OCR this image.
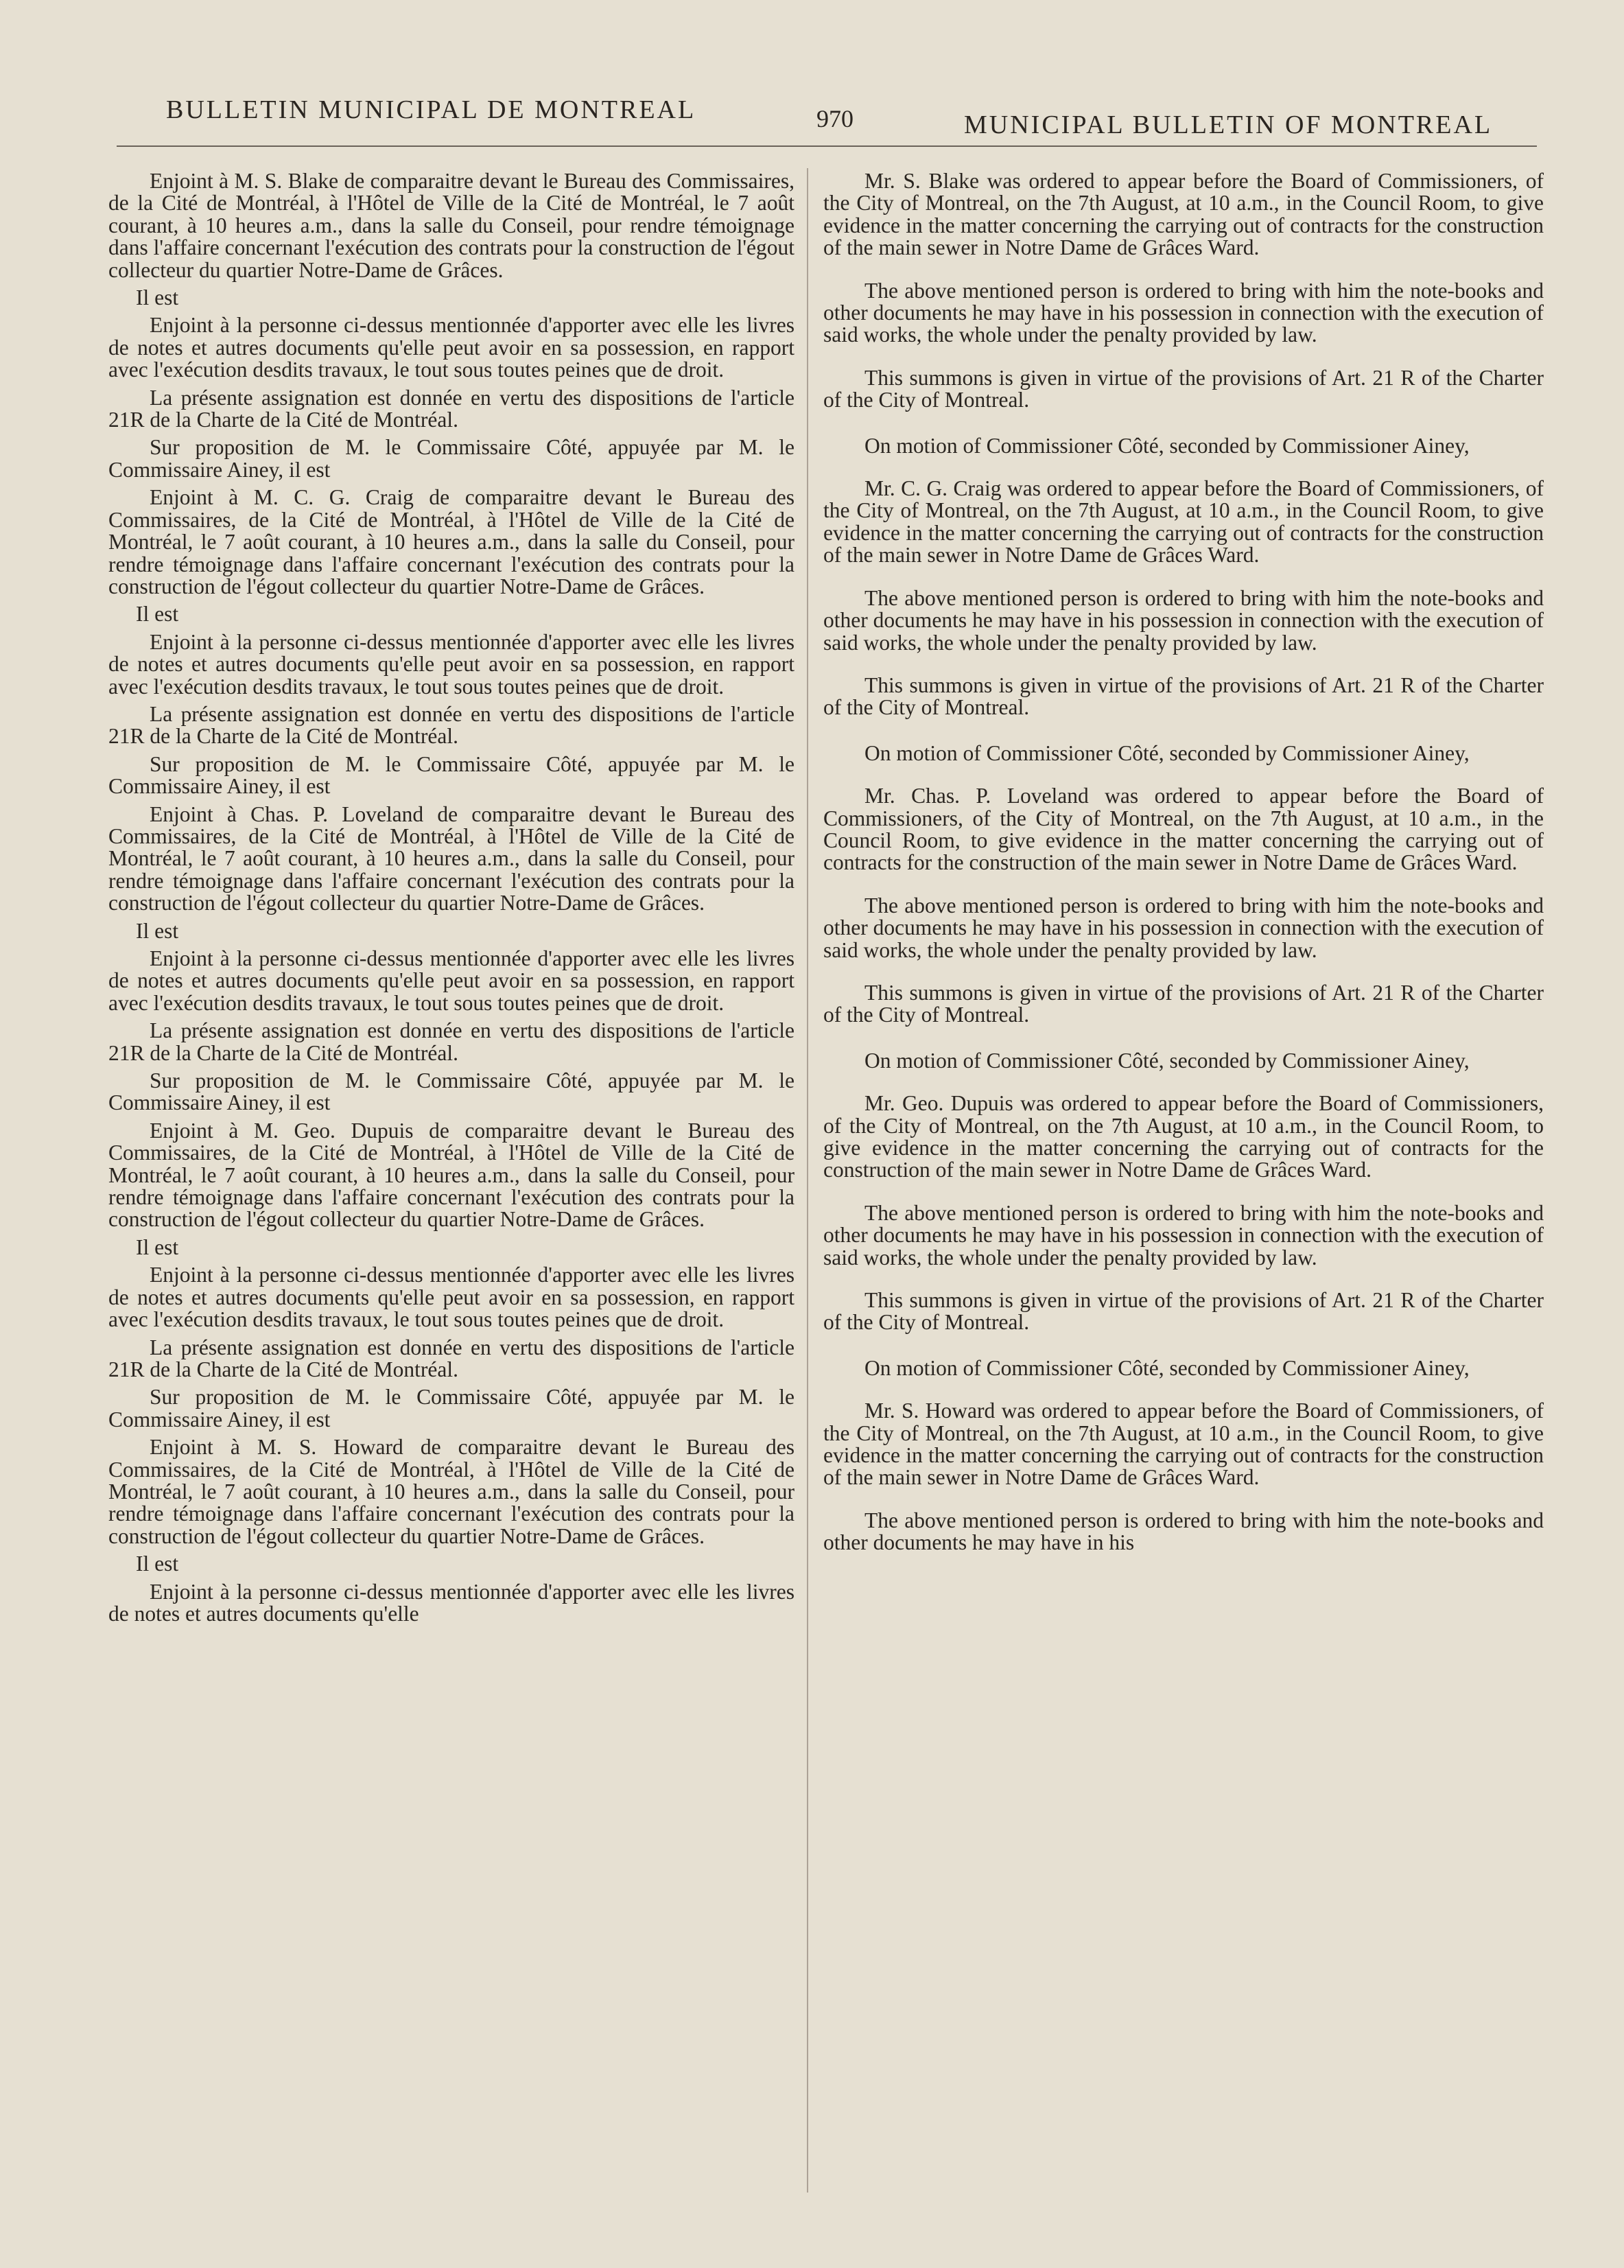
BULLETIN MUNICIPAL DE MONTREAL	970	MUNICIPAL BULLETIN OF MONTREAL

Enjoint à M. S. Blake de comparaitre devant le Bureau des Commissaires, de la Cité de Montréal, à l'Hôtel de Ville de la Cité de Montréal, le 7 août courant, à 10 heures a.m., dans la salle du Conseil, pour rendre témoignage dans l'affaire concernant l'exécution des contrats pour la construction de l'égout collecteur du quartier Notre-Dame de Grâces.

Il est

Enjoint à la personne ci-dessus mentionnée d'apporter avec elle les livres de notes et autres documents qu'elle peut avoir en sa possession, en rapport avec l'exécution desdits travaux, le tout sous toutes peines que de droit.

La présente assignation est donnée en vertu des dispositions de l'article 21R de la Charte de la Cité de Montréal.

Sur proposition de M. le Commissaire Côté, appuyée par M. le Commissaire Ainey, il est

Enjoint à M. C. G. Craig de comparaitre devant le Bureau des Commissaires, de la Cité de Montréal, à l'Hôtel de Ville de la Cité de Montréal, le 7 août courant, à 10 heures a.m., dans la salle du Conseil, pour rendre témoignage dans l'affaire concernant l'exécution des contrats pour la construction de l'égout collecteur du quartier Notre-Dame de Grâces.

Il est

Enjoint à la personne ci-dessus mentionnée d'apporter avec elle les livres de notes et autres documents qu'elle peut avoir en sa possession, en rapport avec l'exécution desdits travaux, le tout sous toutes peines que de droit.

La présente assignation est donnée en vertu des dispositions de l'article 21R de la Charte de la Cité de Montréal.

Sur proposition de M. le Commissaire Côté, appuyée par M. le Commissaire Ainey, il est

Enjoint à Chas. P. Loveland de comparaitre devant le Bureau des Commissaires, de la Cité de Montréal, à l'Hôtel de Ville de la Cité de Montréal, le 7 août courant, à 10 heures a.m., dans la salle du Conseil, pour rendre témoignage dans l'affaire concernant l'exécution des contrats pour la construction de l'égout collecteur du quartier Notre-Dame de Grâces.

Il est

Enjoint à la personne ci-dessus mentionnée d'apporter avec elle les livres de notes et autres documents qu'elle peut avoir en sa possession, en rapport avec l'exécution desdits travaux, le tout sous toutes peines que de droit.

La présente assignation est donnée en vertu des dispositions de l'article 21R de la Charte de la Cité de Montréal.

Sur proposition de M. le Commissaire Côté, appuyée par M. le Commissaire Ainey, il est

Enjoint à M. Geo. Dupuis de comparaitre devant le Bureau des Commissaires, de la Cité de Montréal, à l'Hôtel de Ville de la Cité de Montréal, le 7 août courant, à 10 heures a.m., dans la salle du Conseil, pour rendre témoignage dans l'affaire concernant l'exécution des contrats pour la construction de l'égout collecteur du quartier Notre-Dame de Grâces.

Il est

Enjoint à la personne ci-dessus mentionnée d'apporter avec elle les livres de notes et autres documents qu'elle peut avoir en sa possession, en rapport avec l'exécution desdits travaux, le tout sous toutes peines que de droit.

La présente assignation est donnée en vertu des dispositions de l'article 21R de la Charte de la Cité de Montréal.

Sur proposition de M. le Commissaire Côté, appuyée par M. le Commissaire Ainey, il est

Enjoint à M. S. Howard de comparaitre devant le Bureau des Commissaires, de la Cité de Montréal, à l'Hôtel de Ville de la Cité de Montréal, le 7 août courant, à 10 heures a.m., dans la salle du Conseil, pour rendre témoignage dans l'affaire concernant l'exécution des contrats pour la construction de l'égout collecteur du quartier Notre-Dame de Grâces.

Il est

Enjoint à la personne ci-dessus mentionnée d'apporter avec elle les livres de notes et autres documents qu'elle

Mr. S. Blake was ordered to appear before the Board of Commissioners, of the City of Montreal, on the 7th August, at 10 a.m., in the Council Room, to give evidence in the matter concerning the carrying out of contracts for the construction of the main sewer in Notre Dame de Grâces Ward.

The above mentioned person is ordered to bring with him the note-books and other documents he may have in his possession in connection with the execution of said works, the whole under the penalty provided by law.

This summons is given in virtue of the provisions of Art. 21 R of the Charter of the City of Montreal.

On motion of Commissioner Côté, seconded by Commissioner Ainey,

Mr. C. G. Craig was ordered to appear before the Board of Commissioners, of the City of Montreal, on the 7th August, at 10 a.m., in the Council Room, to give evidence in the matter concerning the carrying out of contracts for the construction of the main sewer in Notre Dame de Grâces Ward.

The above mentioned person is ordered to bring with him the note-books and other documents he may have in his possession in connection with the execution of said works, the whole under the penalty provided by law.

This summons is given in virtue of the provisions of Art. 21 R of the Charter of the City of Montreal.

On motion of Commissioner Côté, seconded by Commissioner Ainey,

Mr. Chas. P. Loveland was ordered to appear before the Board of Commissioners, of the City of Montreal, on the 7th August, at 10 a.m., in the Council Room, to give evidence in the matter concerning the carrying out of contracts for the construction of the main sewer in Notre Dame de Grâces Ward.

The above mentioned person is ordered to bring with him the note-books and other documents he may have in his possession in connection with the execution of said works, the whole under the penalty provided by law.

This summons is given in virtue of the provisions of Art. 21 R of the Charter of the City of Montreal.

On motion of Commissioner Côté, seconded by Commissioner Ainey,

Mr. Geo. Dupuis was ordered to appear before the Board of Commissioners, of the City of Montreal, on the 7th August, at 10 a.m., in the Council Room, to give evidence in the matter concerning the carrying out of contracts for the construction of the main sewer in Notre Dame de Grâces Ward.

The above mentioned person is ordered to bring with him the note-books and other documents he may have in his possession in connection with the execution of said works, the whole under the penalty provided by law.

This summons is given in virtue of the provisions of Art. 21 R of the Charter of the City of Montreal.

On motion of Commissioner Côté, seconded by Commissioner Ainey,

Mr. S. Howard was ordered to appear before the Board of Commissioners, of the City of Montreal, on the 7th August, at 10 a.m., in the Council Room, to give evidence in the matter concerning the carrying out of contracts for the construction of the main sewer in Notre Dame de Grâces Ward.

The above mentioned person is ordered to bring with him the note-books and other documents he may have in his
